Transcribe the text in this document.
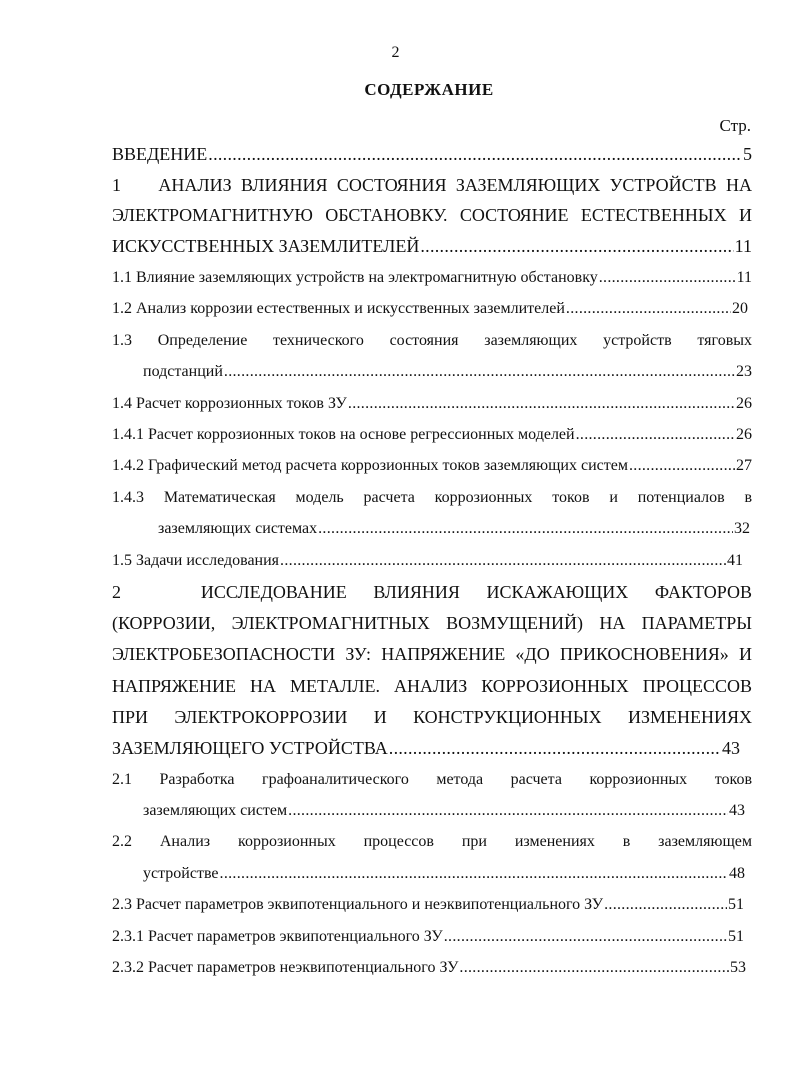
2
СОДЕРЖАНИЕ
Стр.
ВВЕДЕНИЕ .....	5
1    АНАЛИЗ ВЛИЯНИЯ СОСТОЯНИЯ ЗАЗЕМЛЯЮЩИХ УСТРОЙСТВ НА
ЭЛЕКТРОМАГНИТНУЮ ОБСТАНОВКУ. СОСТОЯНИЕ ЕСТЕСТВЕННЫХ И
ИСКУССТВЕННЫХ ЗАЗЕМЛИТЕЛЕЙ .....	11
1.1 Влияние заземляющих устройств на электромагнитную обстановку .....	11
1.2 Анализ коррозии естественных и искусственных заземлителей .....	20
1.3 Определение технического состояния заземляющих устройств тяговых
подстанций .....	23
1.4 Расчет коррозионных токов ЗУ .....	26
1.4.1 Расчет коррозионных токов на основе регрессионных моделей .....	26
1.4.2 Графический метод расчета коррозионных токов заземляющих систем .....	27
1.4.3 Математическая модель расчета коррозионных токов и потенциалов в
заземляющих системах .....	32
1.5 Задачи исследования .....	41
2   ИССЛЕДОВАНИЕ ВЛИЯНИЯ ИСКАЖАЮЩИХ ФАКТОРОВ
(КОРРОЗИИ, ЭЛЕКТРОМАГНИТНЫХ ВОЗМУЩЕНИЙ) НА ПАРАМЕТРЫ
ЭЛЕКТРОБЕЗОПАСНОСТИ ЗУ: НАПРЯЖЕНИЕ «ДО ПРИКОСНОВЕНИЯ» И
НАПРЯЖЕНИЕ НА МЕТАЛЛЕ. АНАЛИЗ КОРРОЗИОННЫХ ПРОЦЕССОВ
ПРИ ЭЛЕКТРОКОРРОЗИИ И КОНСТРУКЦИОННЫХ ИЗМЕНЕНИЯХ
ЗАЗЕМЛЯЮЩЕГО УСТРОЙСТВА .....	43
2.1 Разработка графоаналитического метода расчета коррозионных токов
заземляющих систем .....	43
2.2 Анализ коррозионных процессов при изменениях в заземляющем
устройстве .....	48
2.3 Расчет параметров эквипотенциального и неэквипотенциального ЗУ .....	51
2.3.1 Расчет параметров эквипотенциального ЗУ .....	51
2.3.2 Расчет параметров неэквипотенциального ЗУ .....	53
